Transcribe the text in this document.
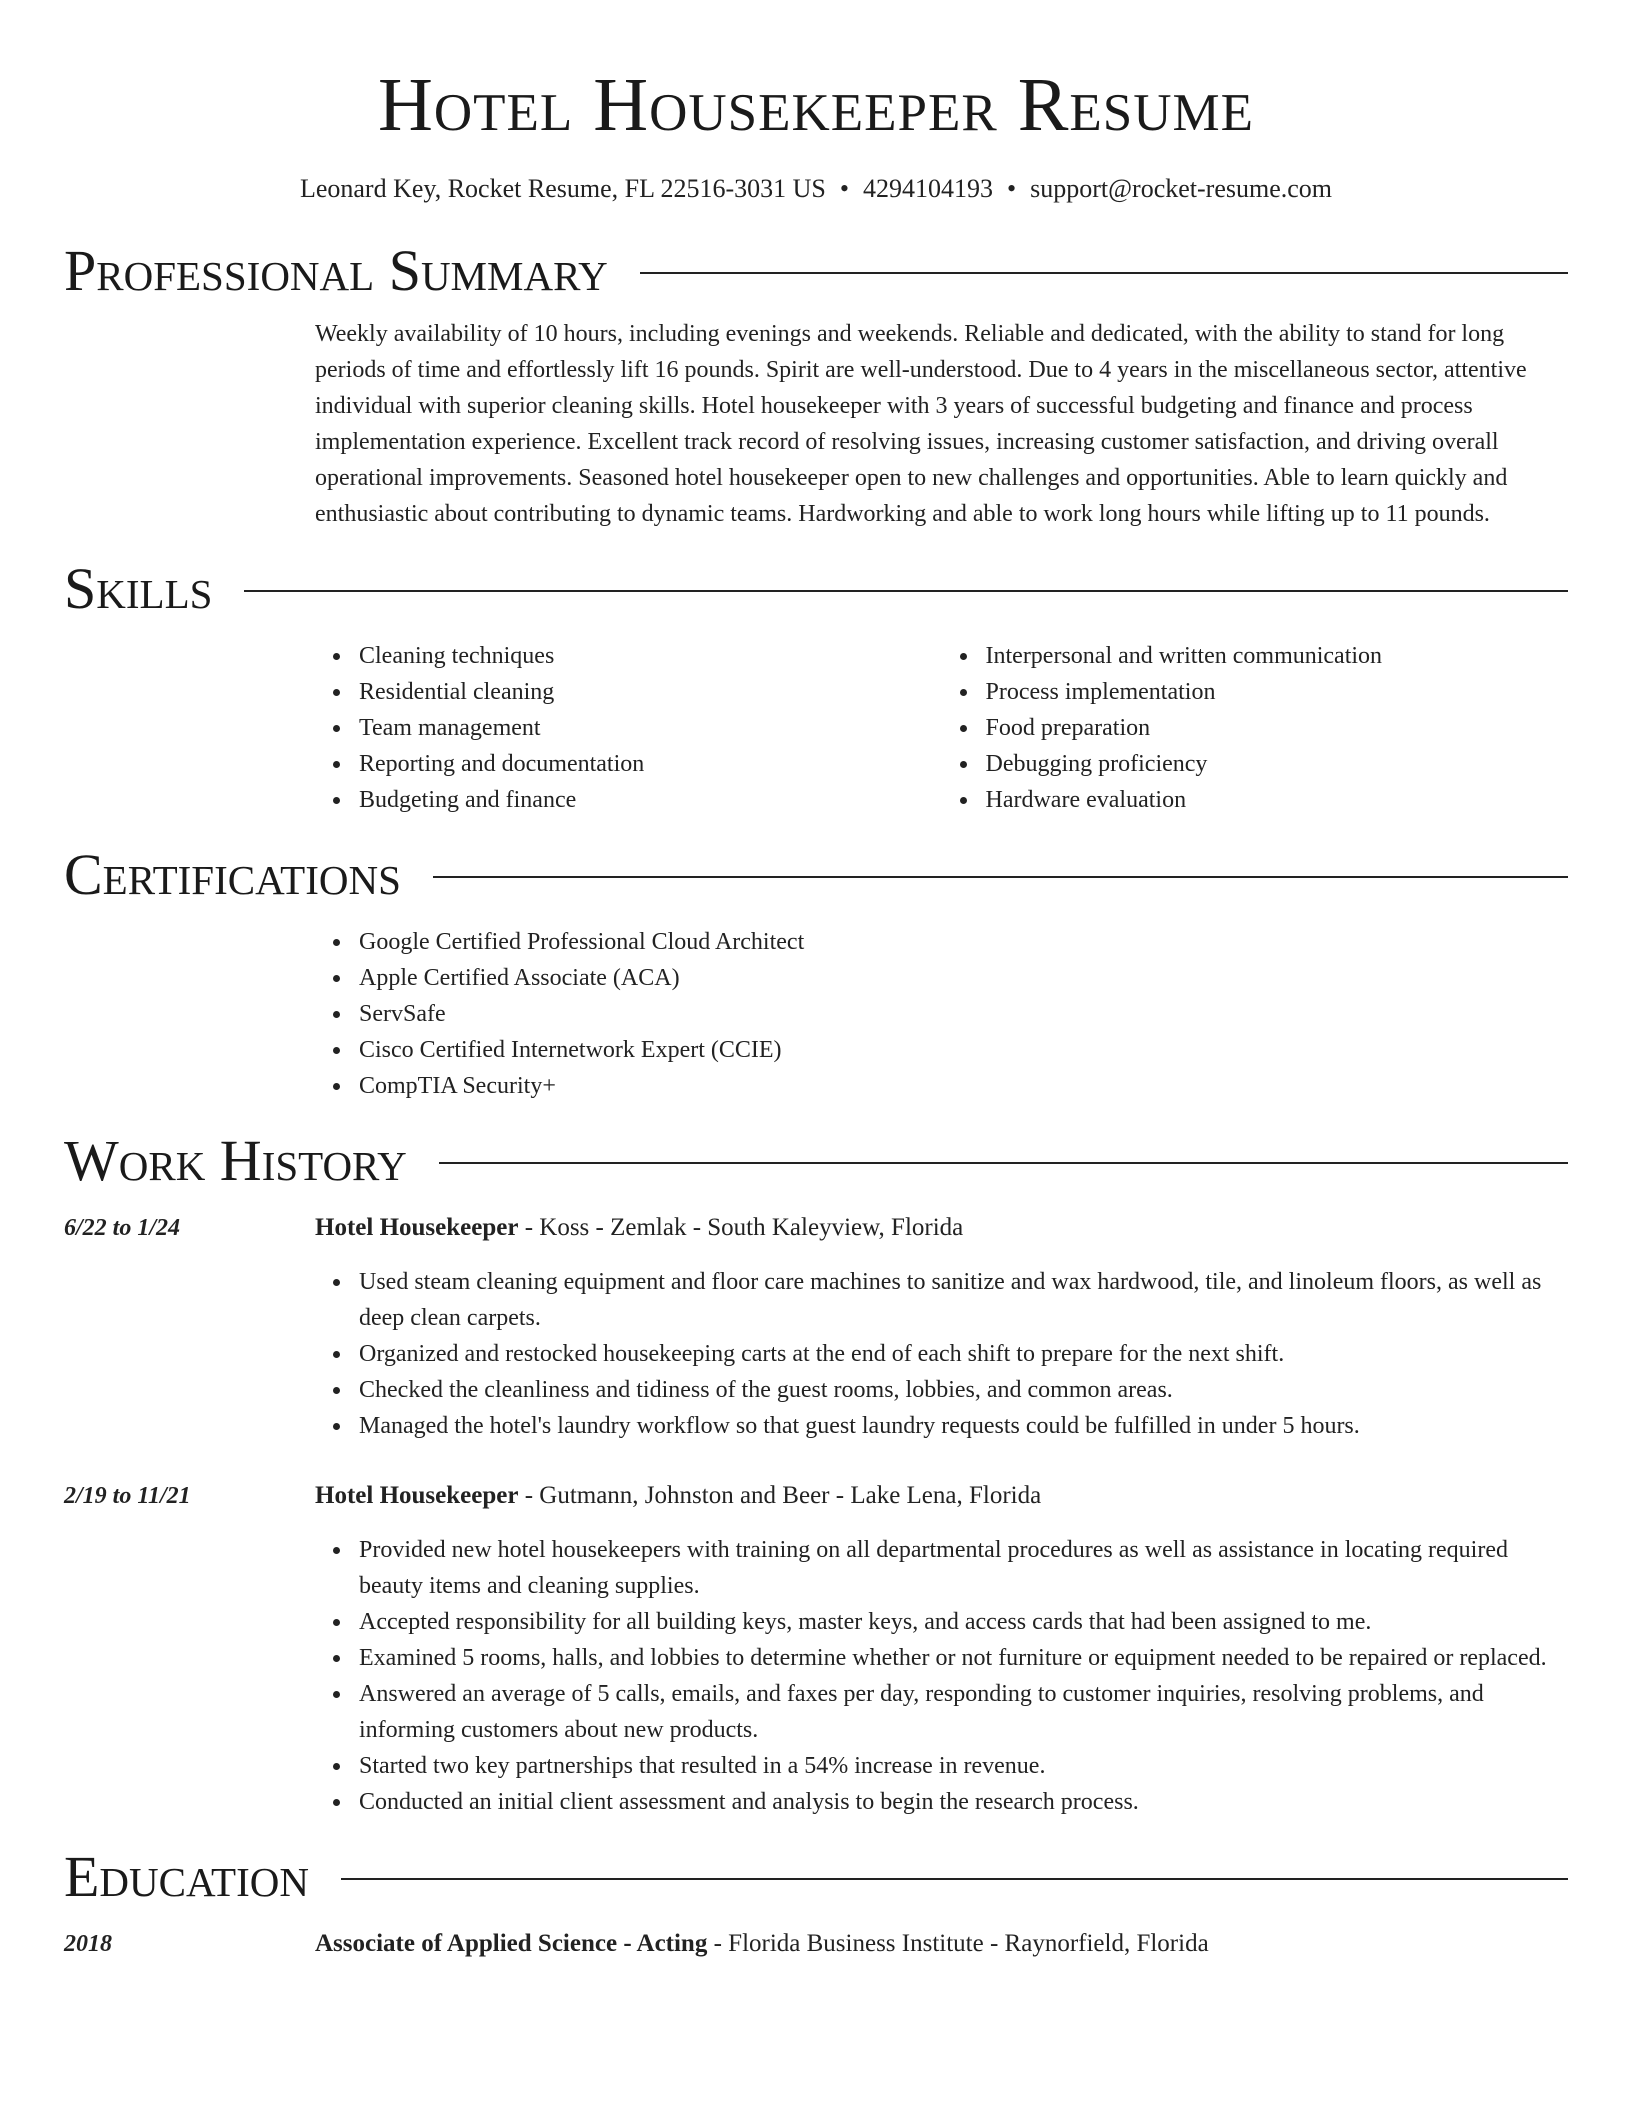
Hotel Housekeeper Resume
Leonard Key, Rocket Resume, FL 22516-3031 US • 4294104193 • support@rocket-resume.com
Professional Summary

Weekly availability of 10 hours, including evenings and weekends. Reliable and dedicated, with the ability to stand for long periods of time and effortlessly lift 16 pounds. Spirit are well-understood. Due to 4 years in the miscellaneous sector, attentive individual with superior cleaning skills. Hotel housekeeper with 3 years of successful budgeting and finance and process implementation experience. Excellent track record of resolving issues, increasing customer satisfaction, and driving overall operational improvements. Seasoned hotel housekeeper open to new challenges and opportunities. Able to learn quickly and enthusiastic about contributing to dynamic teams. Hardworking and able to work long hours while lifting up to 11 pounds.

Skills
Cleaning techniques
Residential cleaning
Team management
Reporting and documentation
Budgeting and finance
Interpersonal and written communication
Process implementation
Food preparation
Debugging proficiency
Hardware evaluation
Certifications
Google Certified Professional Cloud Architect
Apple Certified Associate (ACA)
ServSafe
Cisco Certified Internetwork Expert (CCIE)
CompTIA Security+
Work History
6/22 to 1/24	Hotel Housekeeper - Koss - Zemlak - South Kaleyview, Florida
Used steam cleaning equipment and floor care machines to sanitize and wax hardwood, tile, and linoleum floors, as well as deep clean carpets.
Organized and restocked housekeeping carts at the end of each shift to prepare for the next shift.
Checked the cleanliness and tidiness of the guest rooms, lobbies, and common areas.
Managed the hotel's laundry workflow so that guest laundry requests could be fulfilled in under 5 hours.
2/19 to 11/21	Hotel Housekeeper - Gutmann, Johnston and Beer - Lake Lena, Florida
Provided new hotel housekeepers with training on all departmental procedures as well as assistance in locating required beauty items and cleaning supplies.
Accepted responsibility for all building keys, master keys, and access cards that had been assigned to me.
Examined 5 rooms, halls, and lobbies to determine whether or not furniture or equipment needed to be repaired or replaced.
Answered an average of 5 calls, emails, and faxes per day, responding to customer inquiries, resolving problems, and informing customers about new products.
Started two key partnerships that resulted in a 54% increase in revenue.
Conducted an initial client assessment and analysis to begin the research process.
Education
2018	Associate of Applied Science - Acting - Florida Business Institute - Raynorfield, Florida
